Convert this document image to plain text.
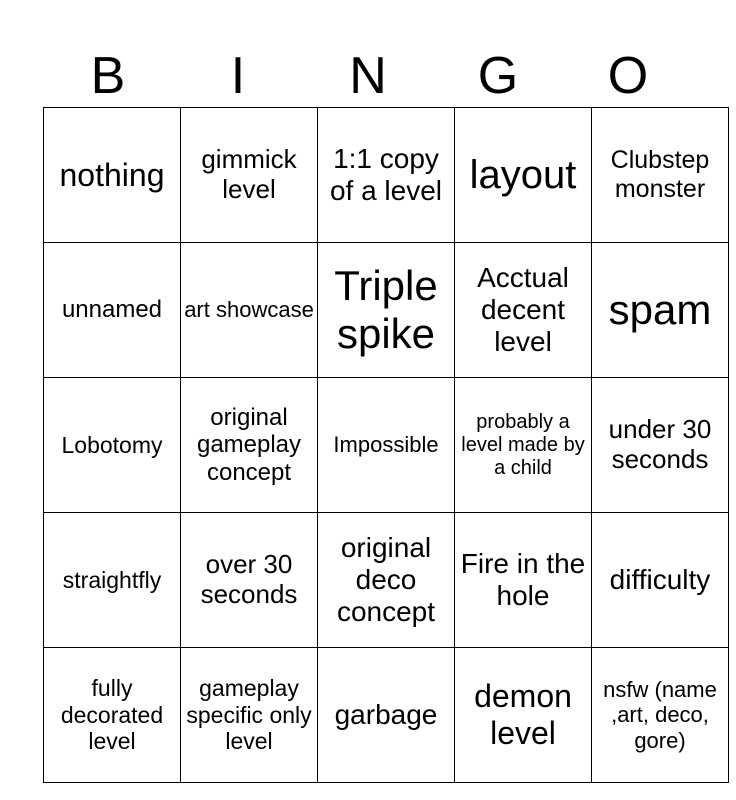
B	I	N	G	O
nothing	gimmick level	1:1 copy of a level	layout	Clubstep monster
unnamed	art showcase	Triple spike	Acctual decent level	spam
Lobotomy	original gameplay concept	Impossible	probably a level made by a child	under 30 seconds
straightfly	over 30 seconds	original deco concept	Fire in the hole	difficulty
fully decorated level	gameplay specific only level	garbage	demon level	nsfw (name ,art, deco, gore)
